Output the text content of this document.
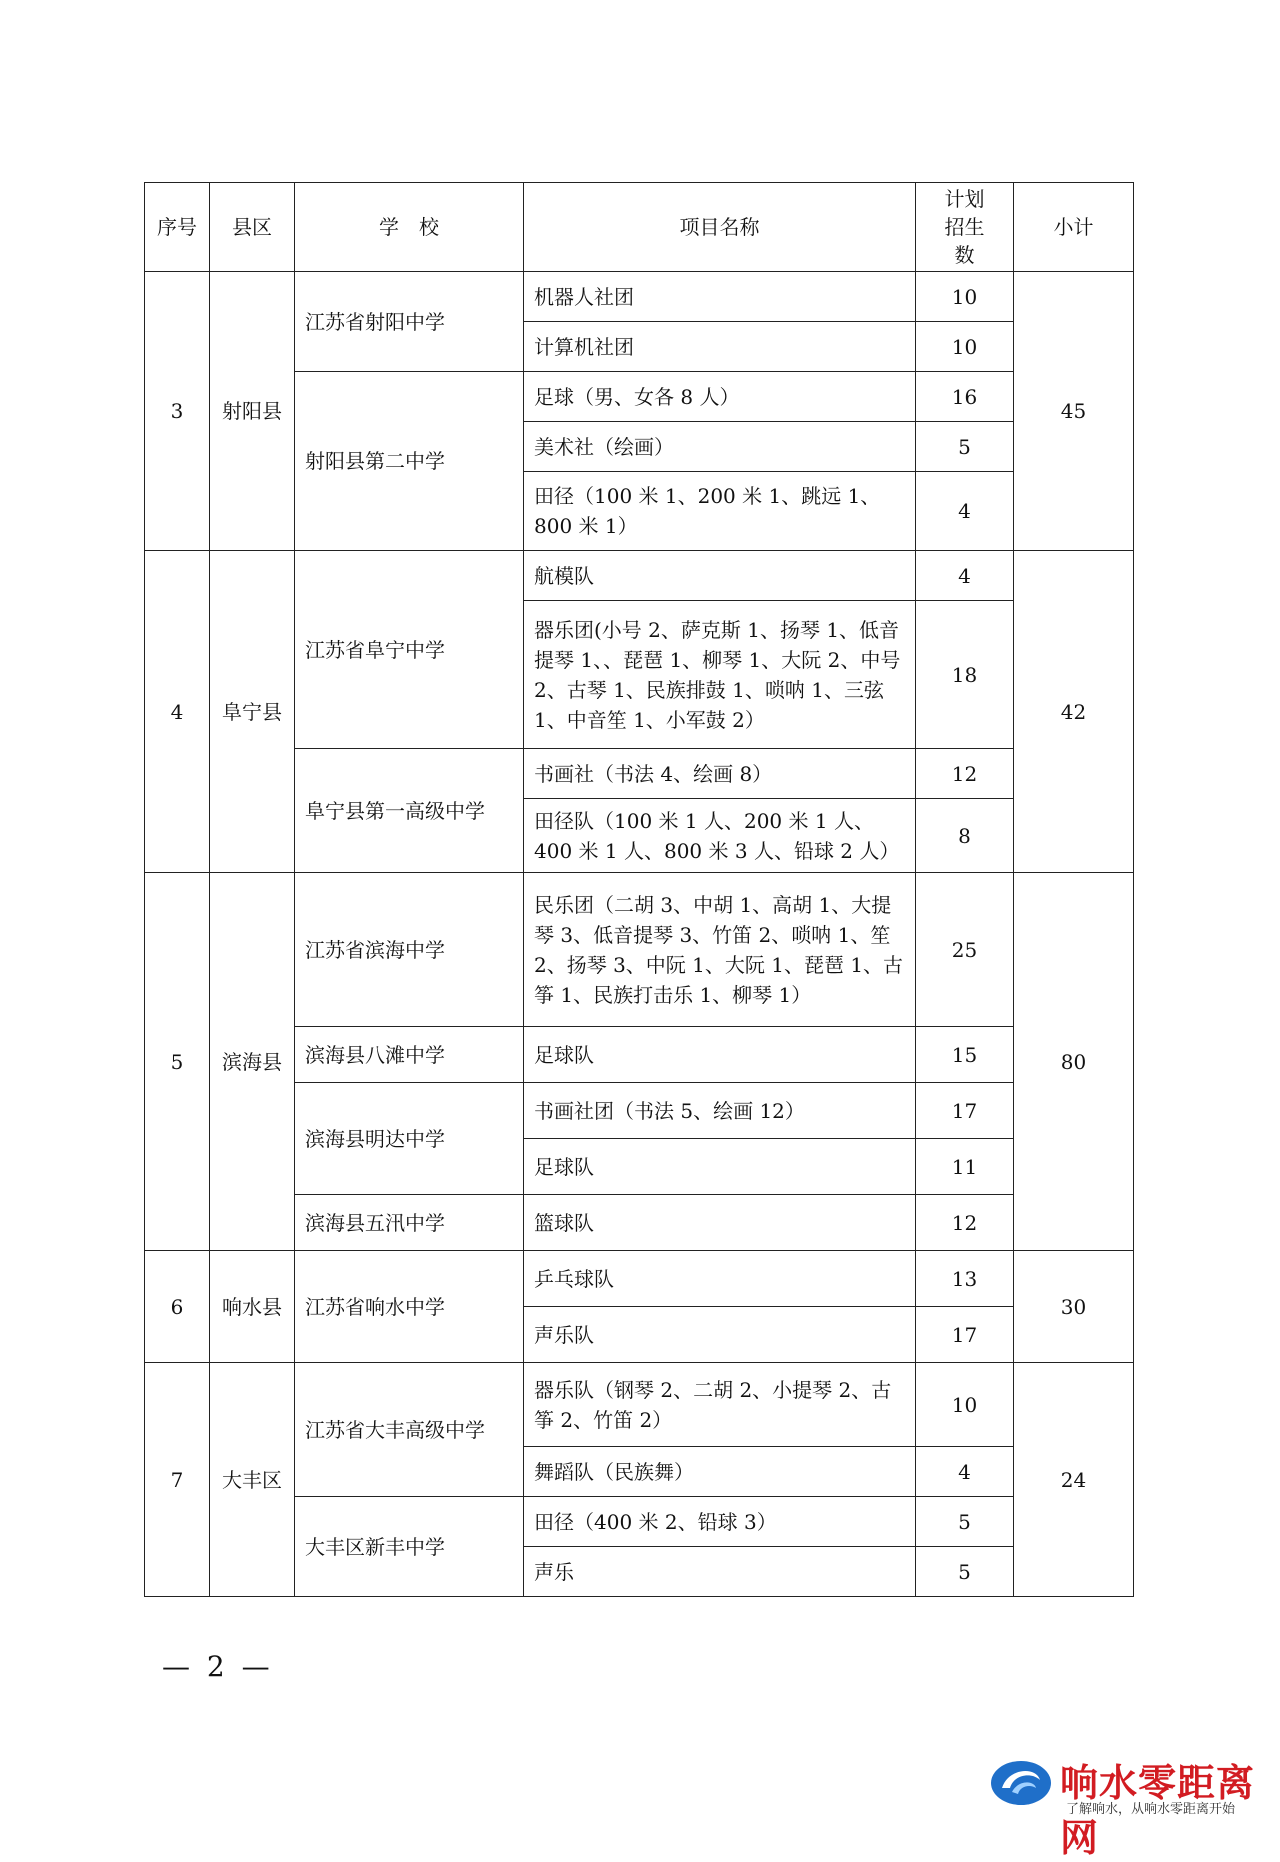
序号	县区	学　校	项目名称	计划招生数	小计
3	射阳县	江苏省射阳中学	机器人社团	10	45
			计算机社团	10	
		射阳县第二中学	足球（男、女各 8 人）	16	
			美术社（绘画）	5	
			田径（100 米 1、200 米 1、跳远 1、800 米 1）	4	
4	阜宁县	江苏省阜宁中学	航模队	4	42
			器乐团(小号 2、萨克斯 1、扬琴 1、低音提琴 1、、琵琶 1、柳琴 1、大阮 2、中号 2、古琴 1、民族排鼓 1、唢呐 1、三弦 1、中音笙 1、小军鼓 2）	18	
		阜宁县第一高级中学	书画社（书法 4、绘画 8）	12	
			田径队（100 米 1 人、200 米 1 人、400 米 1 人、800 米 3 人、铅球 2 人）	8	
5	滨海县	江苏省滨海中学	民乐团（二胡 3、中胡 1、高胡 1、大提琴 3、低音提琴 3、竹笛 2、唢呐 1、笙 2、扬琴 3、中阮 1、大阮 1、琵琶 1、古筝 1、民族打击乐 1、柳琴 1）	25	80
		滨海县八滩中学	足球队	15	
		滨海县明达中学	书画社团（书法 5、绘画 12）	17	
			足球队	11	
		滨海县五汛中学	篮球队	12	
6	响水县	江苏省响水中学	乒乓球队	13	30
			声乐队	17	
7	大丰区	江苏省大丰高级中学	器乐队（钢琴 2、二胡 2、小提琴 2、古筝 2、竹笛 2）	10	24
			舞蹈队（民族舞）	4	
		大丰区新丰中学	田径（400 米 2、铅球 3）	5	
			声乐	5	
— 2 —
响水零距离网
了解响水，从响水零距离开始
